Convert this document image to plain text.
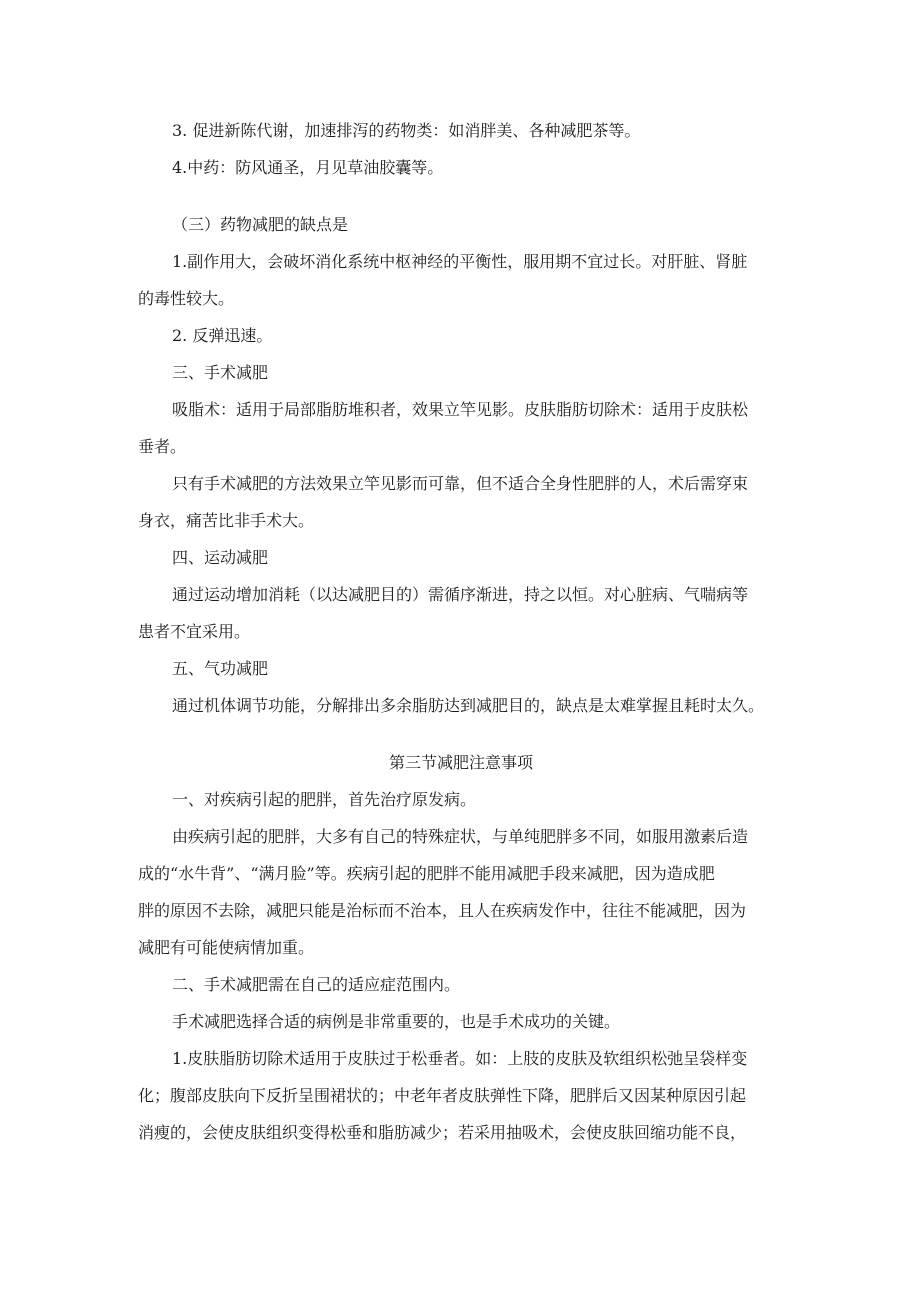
3. 促进新陈代谢，加速排泻的药物类：如消胖美、各种减肥茶等。

4.中药：防风通圣，月见草油胶囊等。

（三）药物减肥的缺点是

1.副作用大，会破坏消化系统中枢神经的平衡性，服用期不宜过长。对肝脏、肾脏

的毒性较大。

2. 反弹迅速。

三、手术减肥

吸脂术：适用于局部脂肪堆积者，效果立竿见影。皮肤脂肪切除术：适用于皮肤松

垂者。

只有手术减肥的方法效果立竿见影而可靠，但不适合全身性肥胖的人，术后需穿束

身衣，痛苦比非手术大。

四、运动减肥

通过运动增加消耗（以达减肥目的）需循序渐进，持之以恒。对心脏病、气喘病等

患者不宜采用。

五、气功减肥

通过机体调节功能，分解排出多余脂肪达到减肥目的，缺点是太难掌握且耗时太久。

第三节减肥注意事项

一、对疾病引起的肥胖，首先治疗原发病。

由疾病引起的肥胖，大多有自己的特殊症状，与单纯肥胖多不同，如服用激素后造

成的“水牛背”、“满月脸”等。疾病引起的肥胖不能用减肥手段来减肥，因为造成肥

胖的原因不去除，减肥只能是治标而不治本，且人在疾病发作中，往往不能减肥，因为

减肥有可能使病情加重。

二、手术减肥需在自己的适应症范围内。

手术减肥选择合适的病例是非常重要的，也是手术成功的关键。

1.皮肤脂肪切除术适用于皮肤过于松垂者。如：上肢的皮肤及软组织松弛呈袋样变

化；腹部皮肤向下反折呈围裙状的；中老年者皮肤弹性下降，肥胖后又因某种原因引起

消瘦的，会使皮肤组织变得松垂和脂肪减少；若采用抽吸术，会使皮肤回缩功能不良，
